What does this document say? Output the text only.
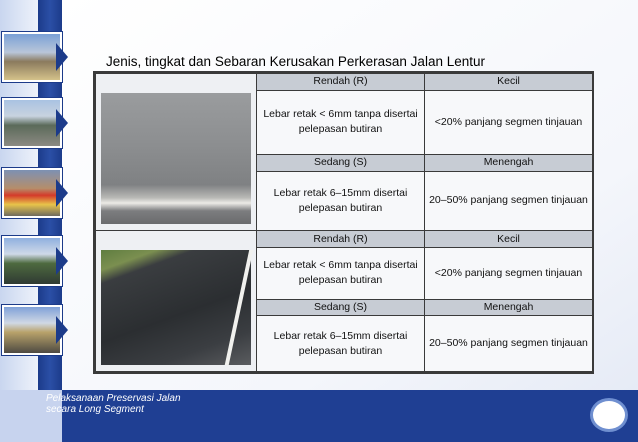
Jenis, tingkat dan Sebaran Kerusakan Perkerasan Jalan Lentur
	Rendah (R)	Kecil
	Lebar retak < 6mm tanpa disertai pelepasan butiran	<20% panjang segmen tinjauan
	Sedang (S)	Menengah
	Lebar retak 6–15mm disertai pelepasan butiran	20–50% panjang segmen tinjauan

	Rendah (R)	Kecil
	Lebar retak < 6mm tanpa disertai pelepasan butiran	<20% panjang segmen tinjauan
	Sedang (S)	Menengah
	Lebar retak 6–15mm disertai pelepasan butiran	20–50% panjang segmen tinjauan
Pelaksanaan Preservasi Jalan
secara Long Segment
